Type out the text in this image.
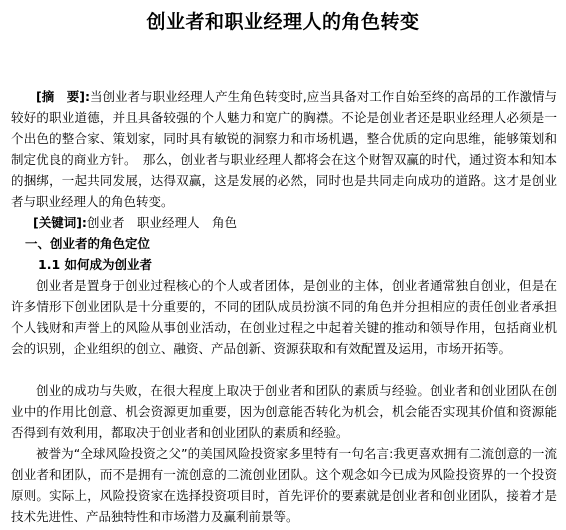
创业者和职业经理人的角色转变
[摘　要]:当创业者与职业经理人产生角色转变时,应当具备对工作自始至终的高昂的工作激情与较好的职业道德，并且具备较强的个人魅力和宽广的胸襟。不论是创业者还是职业经理人必须是一个出色的整合家、策划家，同时具有敏锐的洞察力和市场机遇，整合优质的定向思维，能够策划和制定优良的商业方针。　那么，创业者与职业经理人都将会在这个财智双赢的时代，通过资本和知本的捆绑，一起共同发展，达得双赢，这是发展的必然，同时也是共同走向成功的道路。这才是创业者与职业经理人的角色转变。
[关键词]:创业者　职业经理人　角色
一、创业者的角色定位
1.1 如何成为创业者
创业者是置身于创业过程核心的个人或者团体，是创业的主体，创业者通常独自创业，但是在许多情形下创业团队是十分重要的，不同的团队成员扮演不同的角色并分担相应的责任创业者承担个人钱财和声誉上的风险从事创业活动，在创业过程之中起着关键的推动和领导作用，包括商业机会的识别，企业组织的创立、融资、产品创新、资源获取和有效配置及运用，市场开拓等。
创业的成功与失败，在很大程度上取决于创业者和团队的素质与经验。创业者和创业团队在创业中的作用比创意、机会资源更加重要，因为创意能否转化为机会，机会能否实现其价值和资源能否得到有效利用，都取决于创业者和创业团队的素质和经验。
被誉为“全球风险投资之父”的美国风险投资家多里特有一句名言:我更喜欢拥有二流创意的一流创业者和团队，而不是拥有一流创意的二流创业团队。这个观念如今已成为风险投资界的一个投资原则。实际上，风险投资家在选择投资项目时，首先评价的要素就是创业者和创业团队，接着才是技术先进性、产品独特性和市场潜力及赢利前景等。
